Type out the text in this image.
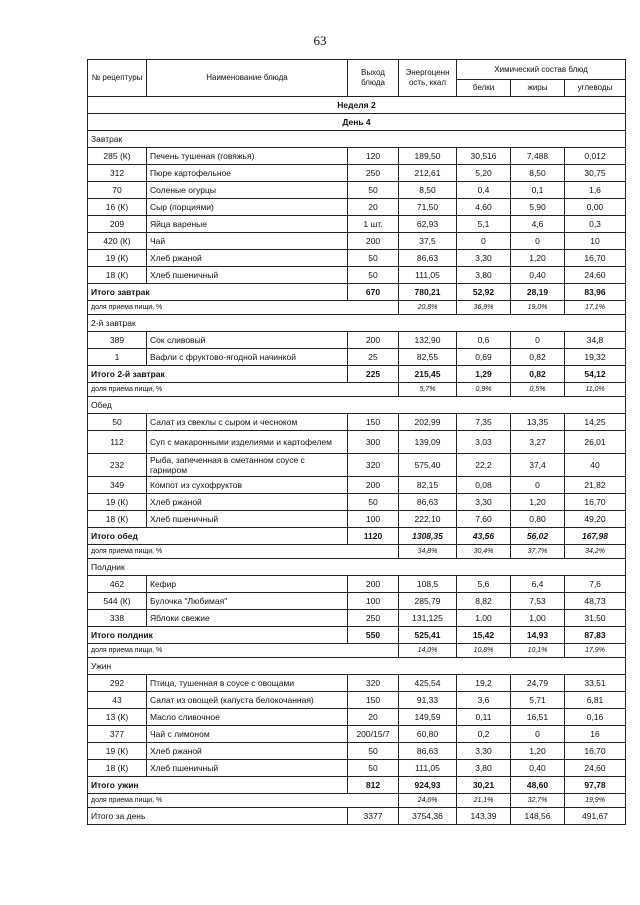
63
№ рецептуры	Наименование блюда	Выход блюда	Энергоценн ость, ккал	Химический состав блюд		
				белки	жиры	углеводы
Неделя 2						
День 4						
Завтрак						
285 (К)	Печень тушеная (говяжья)	120	189,50	30,516	7,488	0,012
312	Пюре картофельное	250	212,61	5,20	8,50	30,75
70	Соленые огурцы	50	8,50	0,4	0,1	1,6
16 (К)	Сыр (порциями)	20	71,50	4,60	5,90	0,00
209	Яйца вареные	1 шт.	62,93	5,1	4,6	0,3
420 (К)	Чай	200	37,5	0	0	10
19 (К)	Хлеб ржаной	50	86,63	3,30	1,20	16,70
18 (К)	Хлеб пшеничный	50	111,05	3,80	0,40	24,60
Итого завтрак		670	780,21	52,92	28,19	83,96
доля приема пищи, %			20,8%	36,9%	19,0%	17,1%
2-й завтрак						
389	Сок сливовый	200	132,90	0,6	0	34,8
1	Вафли с фруктово-ягодной начинкой	25	82,55	0,69	0,82	19,32
Итого 2-й завтрак		225	215,45	1,29	0,82	54,12
доля приема пищи, %			5,7%	0,9%	0,5%	11,0%
Обед						
50	Салат из свеклы с сыром и чесноком	150	202,99	7,35	13,35	14,25
112	Суп с макаронными изделиями и картофелем	300	139,09	3,03	3,27	26,01
232	Рыба, запеченная в сметанном соусе с гарниром	320	575,40	22,2	37,4	40
349	Компот из сухофруктов	200	82,15	0,08	0	21,82
19 (К)	Хлеб ржаной	50	86,63	3,30	1,20	16,70
18 (К)	Хлеб пшеничный	100	222,10	7,60	0,80	49,20
Итого обед		1120	1308,35	43,56	56,02	167,98
доля приема пищи, %			34,8%	30,4%	37,7%	34,2%
Полдник						
462	Кефир	200	108,5	5,6	6,4	7,6
544 (К)	Булочка "Любимая"	100	285,79	8,82	7,53	48,73
338	Яблоки свежие	250	131,125	1,00	1,00	31,50
Итого полдник		550	525,41	15,42	14,93	87,83
доля приема пищи, %			14,0%	10,8%	10,1%	17,9%
Ужин						
292	Птица, тушенная в соусе с овощами	320	425,54	19,2	24,79	33,51
43	Салат из овощей (капуста белокочанная)	150	91,33	3,6	5,71	6,81
13 (К)	Масло сливочное	20	149,59	0,11	16,51	0,16
377	Чай с лимоном	200/15/7	60,80	0,2	0	16
19 (К)	Хлеб ржаной	50	86,63	3,30	1,20	16,70
18 (К)	Хлеб пшеничный	50	111,05	3,80	0,40	24,60
Итого ужин		812	924,93	30,21	48,60	97,78
доля приема пищи, %			24,6%	21,1%	32,7%	19,9%
Итого за день		3377	3754,36	143,39	148,56	491,67
